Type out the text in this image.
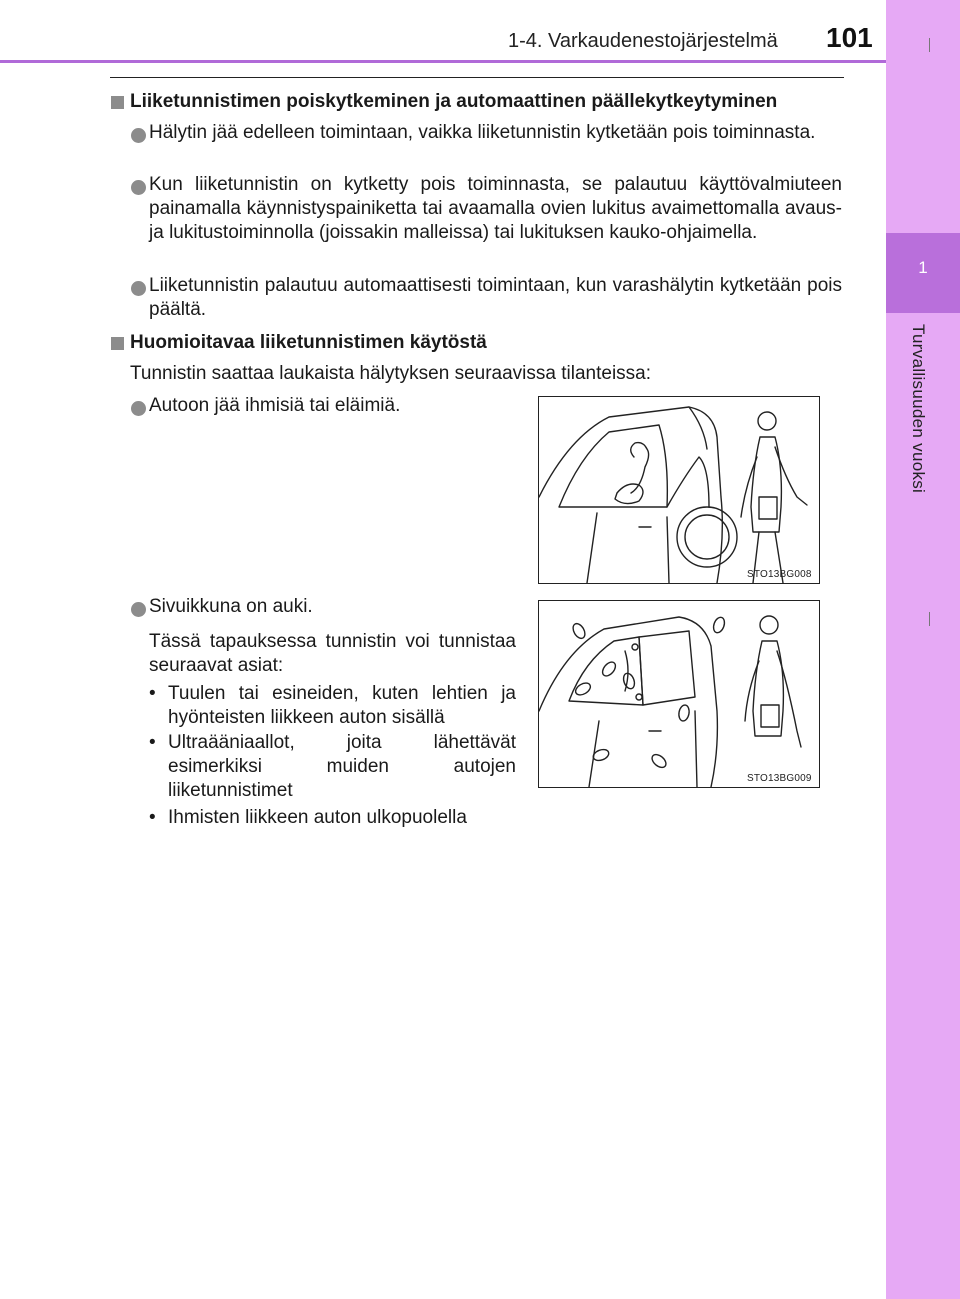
1
Turvallisuuden vuoksi
1-4. Varkaudenestojärjestelmä 101
Liiketunnistimen poiskytkeminen ja automaattinen päällekytkeytyminen
Hälytin jää edelleen toimintaan, vaikka liiketunnistin kytketään pois toiminnasta.
Kun liiketunnistin on kytketty pois toiminnasta, se palautuu käyttövalmiuteen painamalla käynnistyspainiketta tai avaamalla ovien lukitus avaimettomalla avaus- ja lukitustoiminnolla (joissakin malleissa) tai lukituksen kauko-ohjaimella.
Liiketunnistin palautuu automaattisesti toimintaan, kun varashälytin kytketään pois päältä.
Huomioitavaa liiketunnistimen käytöstä
Tunnistin saattaa laukaista hälytyksen seuraavissa tilanteissa:
Autoon jää ihmisiä tai eläimiä.
Sivuikkuna on auki.
Tässä tapauksessa tunnistin voi tunnistaa seuraavat asiat:
• Tuulen tai esineiden, kuten lehtien ja hyönteisten liikkeen auton sisällä
• Ultraääniaallot, joita lähettävät esimerkiksi muiden autojen liiketunnistimet
• Ihmisten liikkeen auton ulkopuolella
STO13BG008
STO13BG009
